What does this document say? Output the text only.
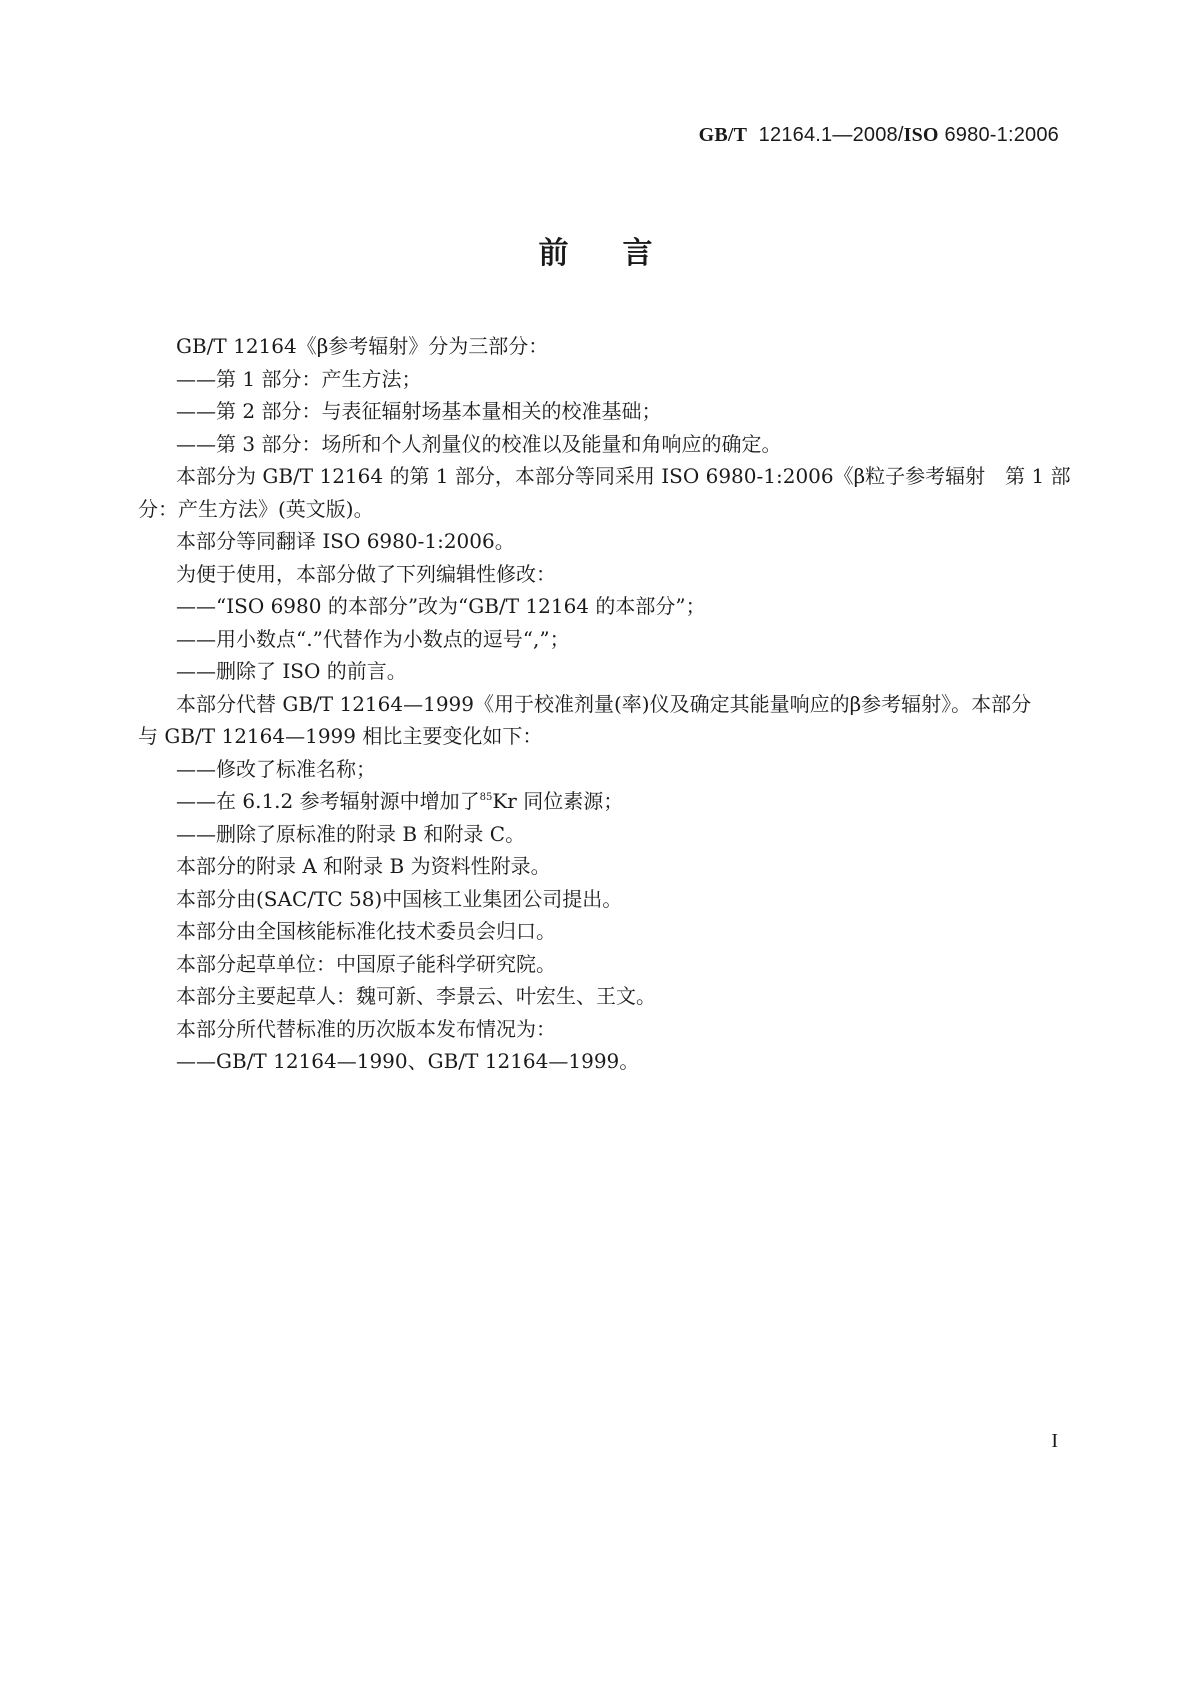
GB/T 12164.1—2008/ISO 6980-1:2006
前 言
GB/T 12164《β参考辐射》分为三部分：
——第 1 部分：产生方法；
——第 2 部分：与表征辐射场基本量相关的校准基础；
——第 3 部分：场所和个人剂量仪的校准以及能量和角响应的确定。
本部分为 GB/T 12164 的第 1 部分，本部分等同采用 ISO 6980-1:2006《β粒子参考辐射　第 1 部
分：产生方法》(英文版)。
本部分等同翻译 ISO 6980-1:2006。
为便于使用，本部分做了下列编辑性修改：
——“ISO 6980 的本部分”改为“GB/T 12164 的本部分”；
——用小数点“.”代替作为小数点的逗号“,”；
——删除了 ISO 的前言。
本部分代替 GB/T 12164—1999《用于校准剂量(率)仪及确定其能量响应的β参考辐射》。本部分
与 GB/T 12164—1999 相比主要变化如下：
——修改了标准名称；
——在 6.1.2 参考辐射源中增加了$^{85}$Kr 同位素源；
——删除了原标准的附录 B 和附录 C。
本部分的附录 A 和附录 B 为资料性附录。
本部分由(SAC/TC 58)中国核工业集团公司提出。
本部分由全国核能标准化技术委员会归口。
本部分起草单位：中国原子能科学研究院。
本部分主要起草人：魏可新、李景云、叶宏生、王文。
本部分所代替标准的历次版本发布情况为：
——GB/T 12164—1990、GB/T 12164—1999。
I
